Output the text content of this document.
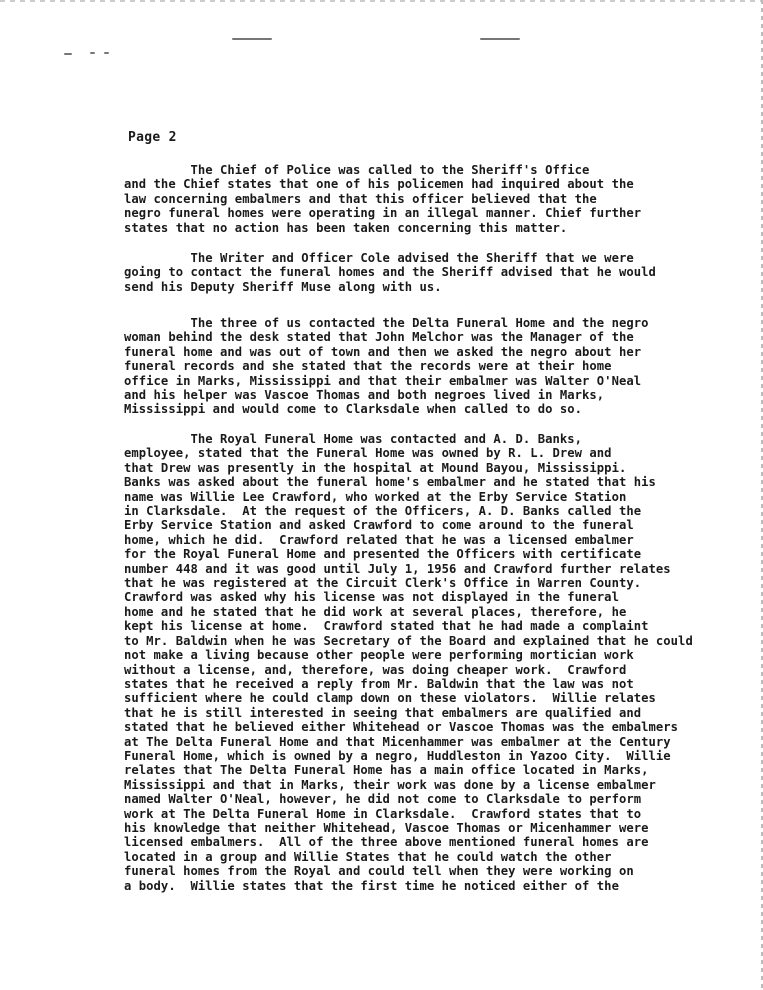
Page 2
The Chief of Police was called to the Sheriff's Office
and the Chief states that one of his policemen had inquired about the
law concerning embalmers and that this officer believed that the
negro funeral homes were operating in an illegal manner. Chief further
states that no action has been taken concerning this matter.
The Writer and Officer Cole advised the Sheriff that we were
going to contact the funeral homes and the Sheriff advised that he would
send his Deputy Sheriff Muse along with us.
The three of us contacted the Delta Funeral Home and the negro
woman behind the desk stated that John Melchor was the Manager of the
funeral home and was out of town and then we asked the negro about her
funeral records and she stated that the records were at their home
office in Marks, Mississippi and that their embalmer was Walter O'Neal
and his helper was Vascoe Thomas and both negroes lived in Marks,
Mississippi and would come to Clarksdale when called to do so.
The Royal Funeral Home was contacted and A. D. Banks,
employee, stated that the Funeral Home was owned by R. L. Drew and
that Drew was presently in the hospital at Mound Bayou, Mississippi.
Banks was asked about the funeral home's embalmer and he stated that his
name was Willie Lee Crawford, who worked at the Erby Service Station
in Clarksdale.  At the request of the Officers, A. D. Banks called the
Erby Service Station and asked Crawford to come around to the funeral
home, which he did.  Crawford related that he was a licensed embalmer
for the Royal Funeral Home and presented the Officers with certificate
number 448 and it was good until July 1, 1956 and Crawford further relates
that he was registered at the Circuit Clerk's Office in Warren County.
Crawford was asked why his license was not displayed in the funeral
home and he stated that he did work at several places, therefore, he
kept his license at home.  Crawford stated that he had made a complaint
to Mr. Baldwin when he was Secretary of the Board and explained that he could
not make a living because other people were performing mortician work
without a license, and, therefore, was doing cheaper work.  Crawford
states that he received a reply from Mr. Baldwin that the law was not
sufficient where he could clamp down on these violators.  Willie relates
that he is still interested in seeing that embalmers are qualified and
stated that he believed either Whitehead or Vascoe Thomas was the embalmers
at The Delta Funeral Home and that Micenhammer was embalmer at the Century
Funeral Home, which is owned by a negro, Huddleston in Yazoo City.  Willie
relates that The Delta Funeral Home has a main office located in Marks,
Mississippi and that in Marks, their work was done by a license embalmer
named Walter O'Neal, however, he did not come to Clarksdale to perform
work at The Delta Funeral Home in Clarksdale.  Crawford states that to
his knowledge that neither Whitehead, Vascoe Thomas or Micenhammer were
licensed embalmers.  All of the three above mentioned funeral homes are
located in a group and Willie States that he could watch the other
funeral homes from the Royal and could tell when they were working on
a body.  Willie states that the first time he noticed either of the
